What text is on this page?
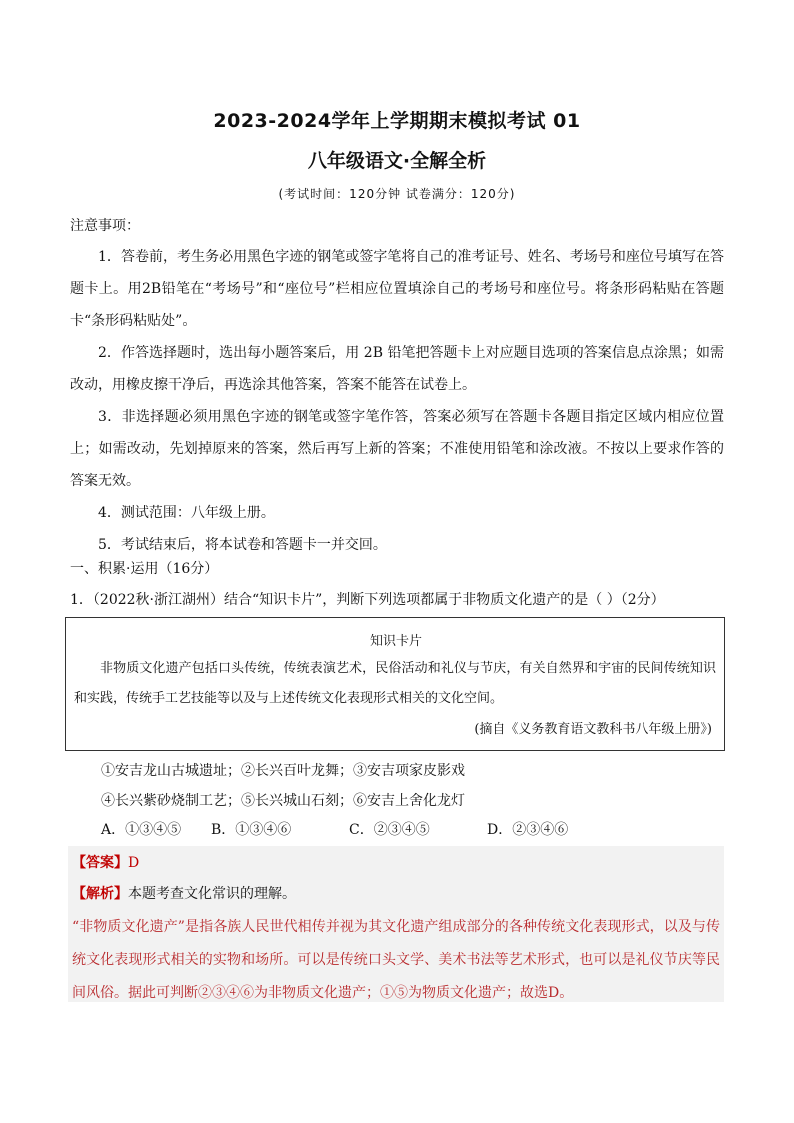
2023-2024学年上学期期末模拟考试 01
八年级语文·全解全析
(考试时间：120分钟 试卷满分：120分)
注意事项：

1．答卷前，考生务必用黑色字迹的钢笔或签字笔将自己的准考证号、姓名、考场号和座位号填写在答题卡上。用2B铅笔在“考场号”和“座位号”栏相应位置填涂自己的考场号和座位号。将条形码粘贴在答题卡“条形码粘贴处”。

2．作答选择题时，选出每小题答案后，用 2B 铅笔把答题卡上对应题目选项的答案信息点涂黑；如需改动，用橡皮擦干净后，再选涂其他答案，答案不能答在试卷上。

3．非选择题必须用黑色字迹的钢笔或签字笔作答，答案必须写在答题卡各题目指定区域内相应位置上；如需改动，先划掉原来的答案，然后再写上新的答案；不准使用铅笔和涂改液。不按以上要求作答的答案无效。

4．测试范围：八年级上册。

5．考试结束后，将本试卷和答题卡一并交回。

一、积累·运用（16分）
1．（2022秋·浙江湖州）结合“知识卡片”，判断下列选项都属于非物质文化遗产的是（ ）（2分）
知识卡片

非物质文化遗产包括口头传统，传统表演艺术，民俗活动和礼仪与节庆，有关自然界和宇宙的民间传统知识和实践，传统手工艺技能等以及与上述传统文化表现形式相关的文化空间。

(摘自《义务教育语文教科书八年级上册》)
①安吉龙山古城遗址；②长兴百叶龙舞；③安吉项家皮影戏
④长兴紫砂烧制工艺；⑤长兴城山石刻；⑥安吉上舍化龙灯
A．①③④⑤ B．①③④⑥	C．②③④⑤	D．②③④⑥
【答案】D

【解析】本题考查文化常识的理解。

“非物质文化遗产”是指各族人民世代相传并视为其文化遗产组成部分的各种传统文化表现形式，以及与传统文化表现形式相关的实物和场所。可以是传统口头文学、美术书法等艺术形式，也可以是礼仪节庆等民间风俗。据此可判断②③④⑥为非物质文化遗产；①⑤为物质文化遗产；故选D。
